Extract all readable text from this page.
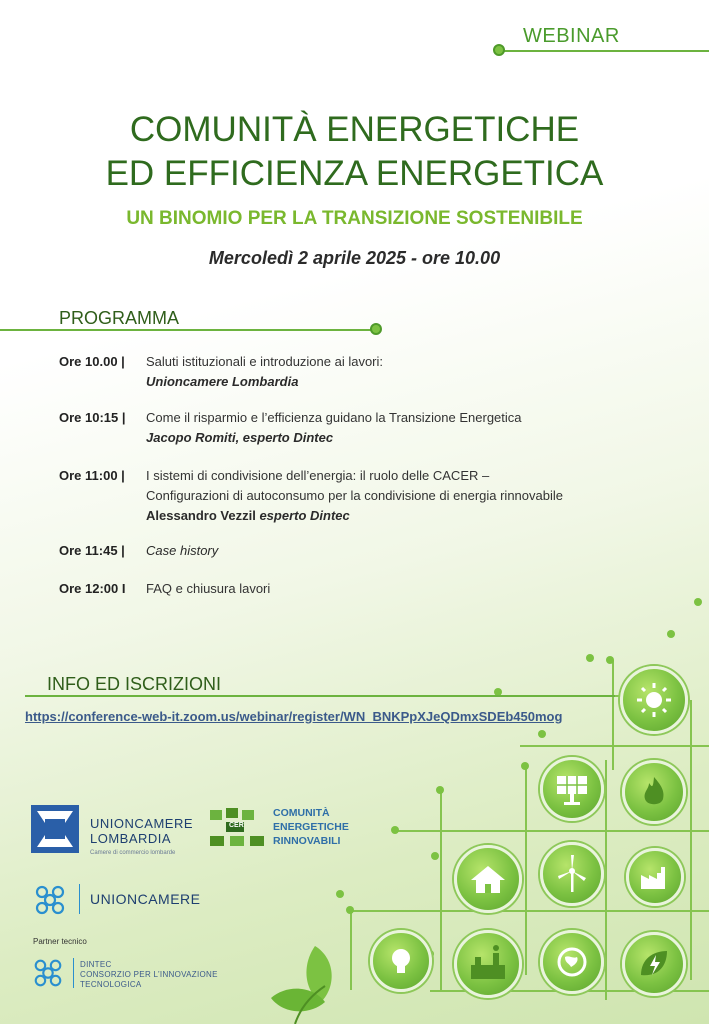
WEBINAR
COMUNITÀ ENERGETICHE
ED EFFICIENZA ENERGETICA
UN BINOMIO PER LA TRANSIZIONE SOSTENIBILE
Mercoledì 2 aprile 2025 - ore 10.00
PROGRAMMA
Ore 10.00 |	Saluti istituzionali e introduzione ai lavori:
Unioncamere Lombardia
Ore 10:15 |	Come il risparmio e l’efficienza guidano la Transizione Energetica
Jacopo Romiti, esperto Dintec
Ore 11:00 |	I sistemi di condivisione dell’energia: il ruolo delle CACER –
Configurazioni di autoconsumo per la condivisione di energia rinnovabile
Alessandro Vezzil esperto Dintec
Ore 11:45 |	Case history
Ore 12:00 I	FAQ e chiusura lavori
INFO ED ISCRIZIONI
https://conference-web-it.zoom.us/webinar/register/WN_BNKPpXJeQDmxSDEb450mog
UNIONCAMERE
LOMBARDIA
Camere di commercio lombarde
CER
COMUNITÀ
ENERGETICHE
RINNOVABILI
UNIONCAMERE
Partner tecnico
DINTEC
CONSORZIO PER L’INNOVAZIONE
TECNOLOGICA
